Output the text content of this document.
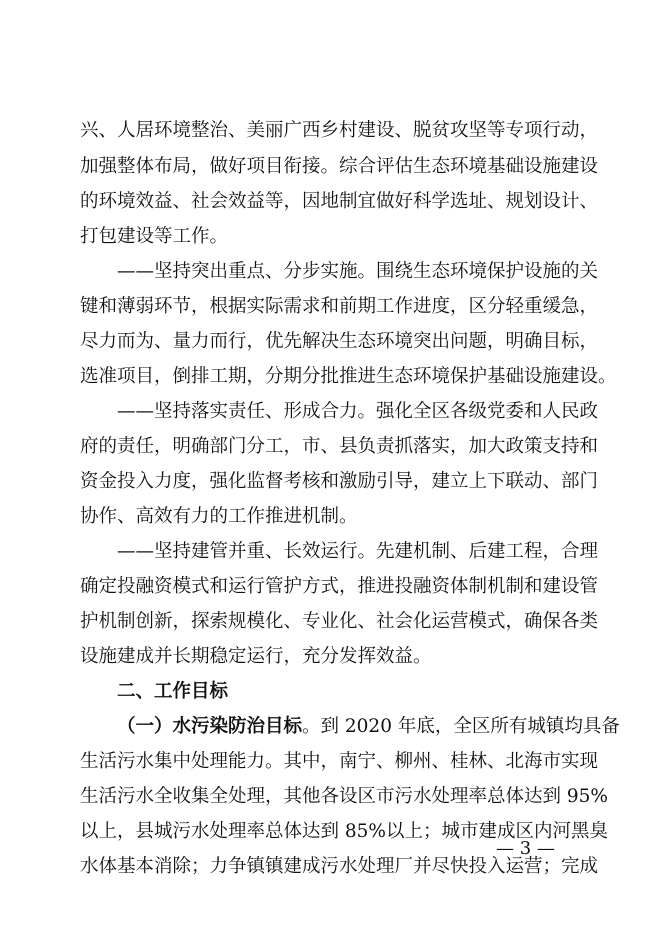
兴、人居环境整治、美丽广西乡村建设、脱贫攻坚等专项行动，
加强整体布局，做好项目衔接。综合评估生态环境基础设施建设
的环境效益、社会效益等，因地制宜做好科学选址、规划设计、
打包建设等工作。
——坚持突出重点、分步实施。围绕生态环境保护设施的关
键和薄弱环节，根据实际需求和前期工作进度，区分轻重缓急，
尽力而为、量力而行，优先解决生态环境突出问题，明确目标，
选准项目，倒排工期，分期分批推进生态环境保护基础设施建设。
——坚持落实责任、形成合力。强化全区各级党委和人民政
府的责任，明确部门分工，市、县负责抓落实，加大政策支持和
资金投入力度，强化监督考核和激励引导，建立上下联动、部门
协作、高效有力的工作推进机制。
——坚持建管并重、长效运行。先建机制、后建工程，合理
确定投融资模式和运行管护方式，推进投融资体制机制和建设管
护机制创新，探索规模化、专业化、社会化运营模式，确保各类
设施建成并长期稳定运行，充分发挥效益。
二、工作目标
（一）水污染防治目标。到 2020 年底，全区所有城镇均具备
生活污水集中处理能力。其中，南宁、柳州、桂林、北海市实现
生活污水全收集全处理，其他各设区市污水处理率总体达到 95%
以上，县城污水处理率总体达到 85%以上；城市建成区内河黑臭
水体基本消除；力争镇镇建成污水处理厂并尽快投入运营；完成
— 3 —
